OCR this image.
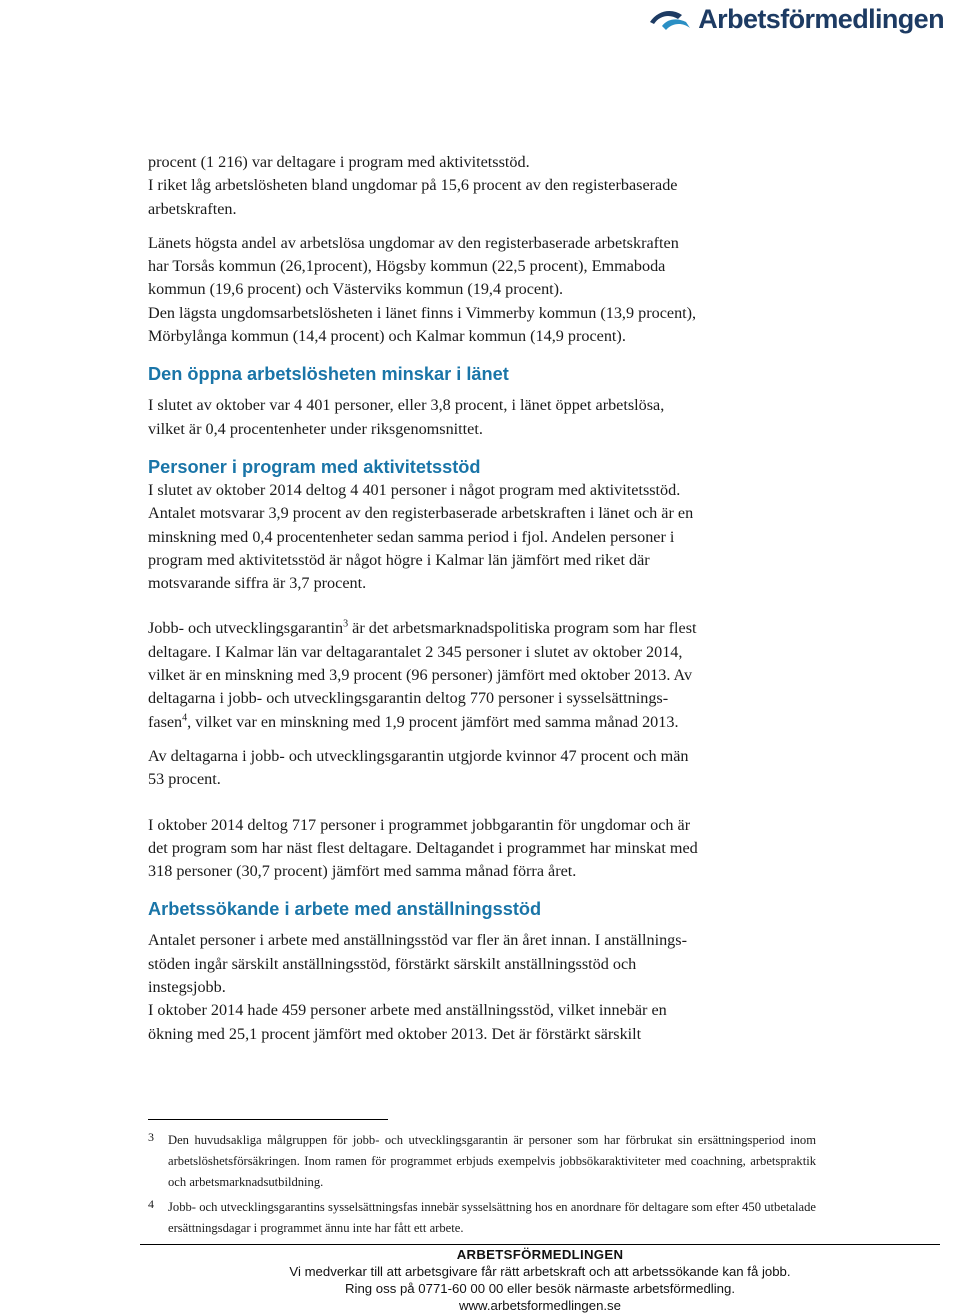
Arbetsförmedlingen

procent (1 216) var deltagare i program med aktivitetsstöd.
I riket låg arbetslösheten bland ungdomar på 15,6 procent av den registerbaserade
arbetskraften.

Länets högsta andel av arbetslösa ungdomar av den registerbaserade arbetskraften
har Torsås kommun (26,1procent), Högsby kommun (22,5 procent), Emmaboda
kommun (19,6 procent) och Västerviks kommun (19,4 procent).
Den lägsta ungdomsarbetslösheten i länet finns i Vimmerby kommun (13,9 procent),
Mörbylånga kommun (14,4 procent) och Kalmar kommun (14,9 procent).

Den öppna arbetslösheten minskar i länet

I slutet av oktober var 4 401 personer, eller 3,8 procent, i länet öppet arbetslösa,
vilket är 0,4 procentenheter under riksgenomsnittet.

Personer i program med aktivitetsstöd

I slutet av oktober 2014 deltog 4 401 personer i något program med aktivitetsstöd.
Antalet motsvarar 3,9 procent av den registerbaserade arbetskraften i länet och är en
minskning med 0,4 procentenheter sedan samma period i fjol. Andelen personer i
program med aktivitetsstöd är något högre i Kalmar län jämfört med riket där
motsvarande siffra är 3,7 procent.

Jobb- och utvecklingsgarantin$^3$ är det arbetsmarknadspolitiska program som har flest
deltagare. I Kalmar län var deltagarantalet 2 345 personer i slutet av oktober 2014,
vilket är en minskning med 3,9 procent (96 personer) jämfört med oktober 2013. Av
deltagarna i jobb- och utvecklingsgarantin deltog 770 personer i sysselsättnings-
fasen$^4$, vilket var en minskning med 1,9 procent jämfört med samma månad 2013.

Av deltagarna i jobb- och utvecklingsgarantin utgjorde kvinnor 47 procent och män
53 procent.

I oktober 2014 deltog 717 personer i programmet jobbgarantin för ungdomar och är
det program som har näst flest deltagare. Deltagandet i programmet har minskat med
318 personer (30,7 procent) jämfört med samma månad förra året.

Arbetssökande i arbete med anställningsstöd

Antalet personer i arbete med anställningsstöd var fler än året innan. I anställnings-
stöden ingår särskilt anställningsstöd, förstärkt särskilt anställningsstöd och
instegsjobb.
I oktober 2014 hade 459 personer arbete med anställningsstöd, vilket innebär en
ökning med 25,1 procent jämfört med oktober 2013. Det är förstärkt särskilt

3	Den huvudsakliga målgruppen för jobb- och utvecklingsgarantin är personer som har förbrukat sin ersättningsperiod inom arbetslöshetsförsäkringen. Inom ramen för programmet erbjuds exempelvis jobbsökaraktiviteter med coachning, arbetspraktik och arbetsmarknadsutbildning.
4	Jobb- och utvecklingsgarantins sysselsättningsfas innebär sysselsättning hos en anordnare för deltagare som efter 450 utbetalade ersättningsdagar i programmet ännu inte har fått ett arbete.
ARBETSFÖRMEDLINGEN
Vi medverkar till att arbetsgivare får rätt arbetskraft och att arbetssökande kan få jobb.
Ring oss på 0771-60 00 00 eller besök närmaste arbetsförmedling.
www.arbetsformedlingen.se
